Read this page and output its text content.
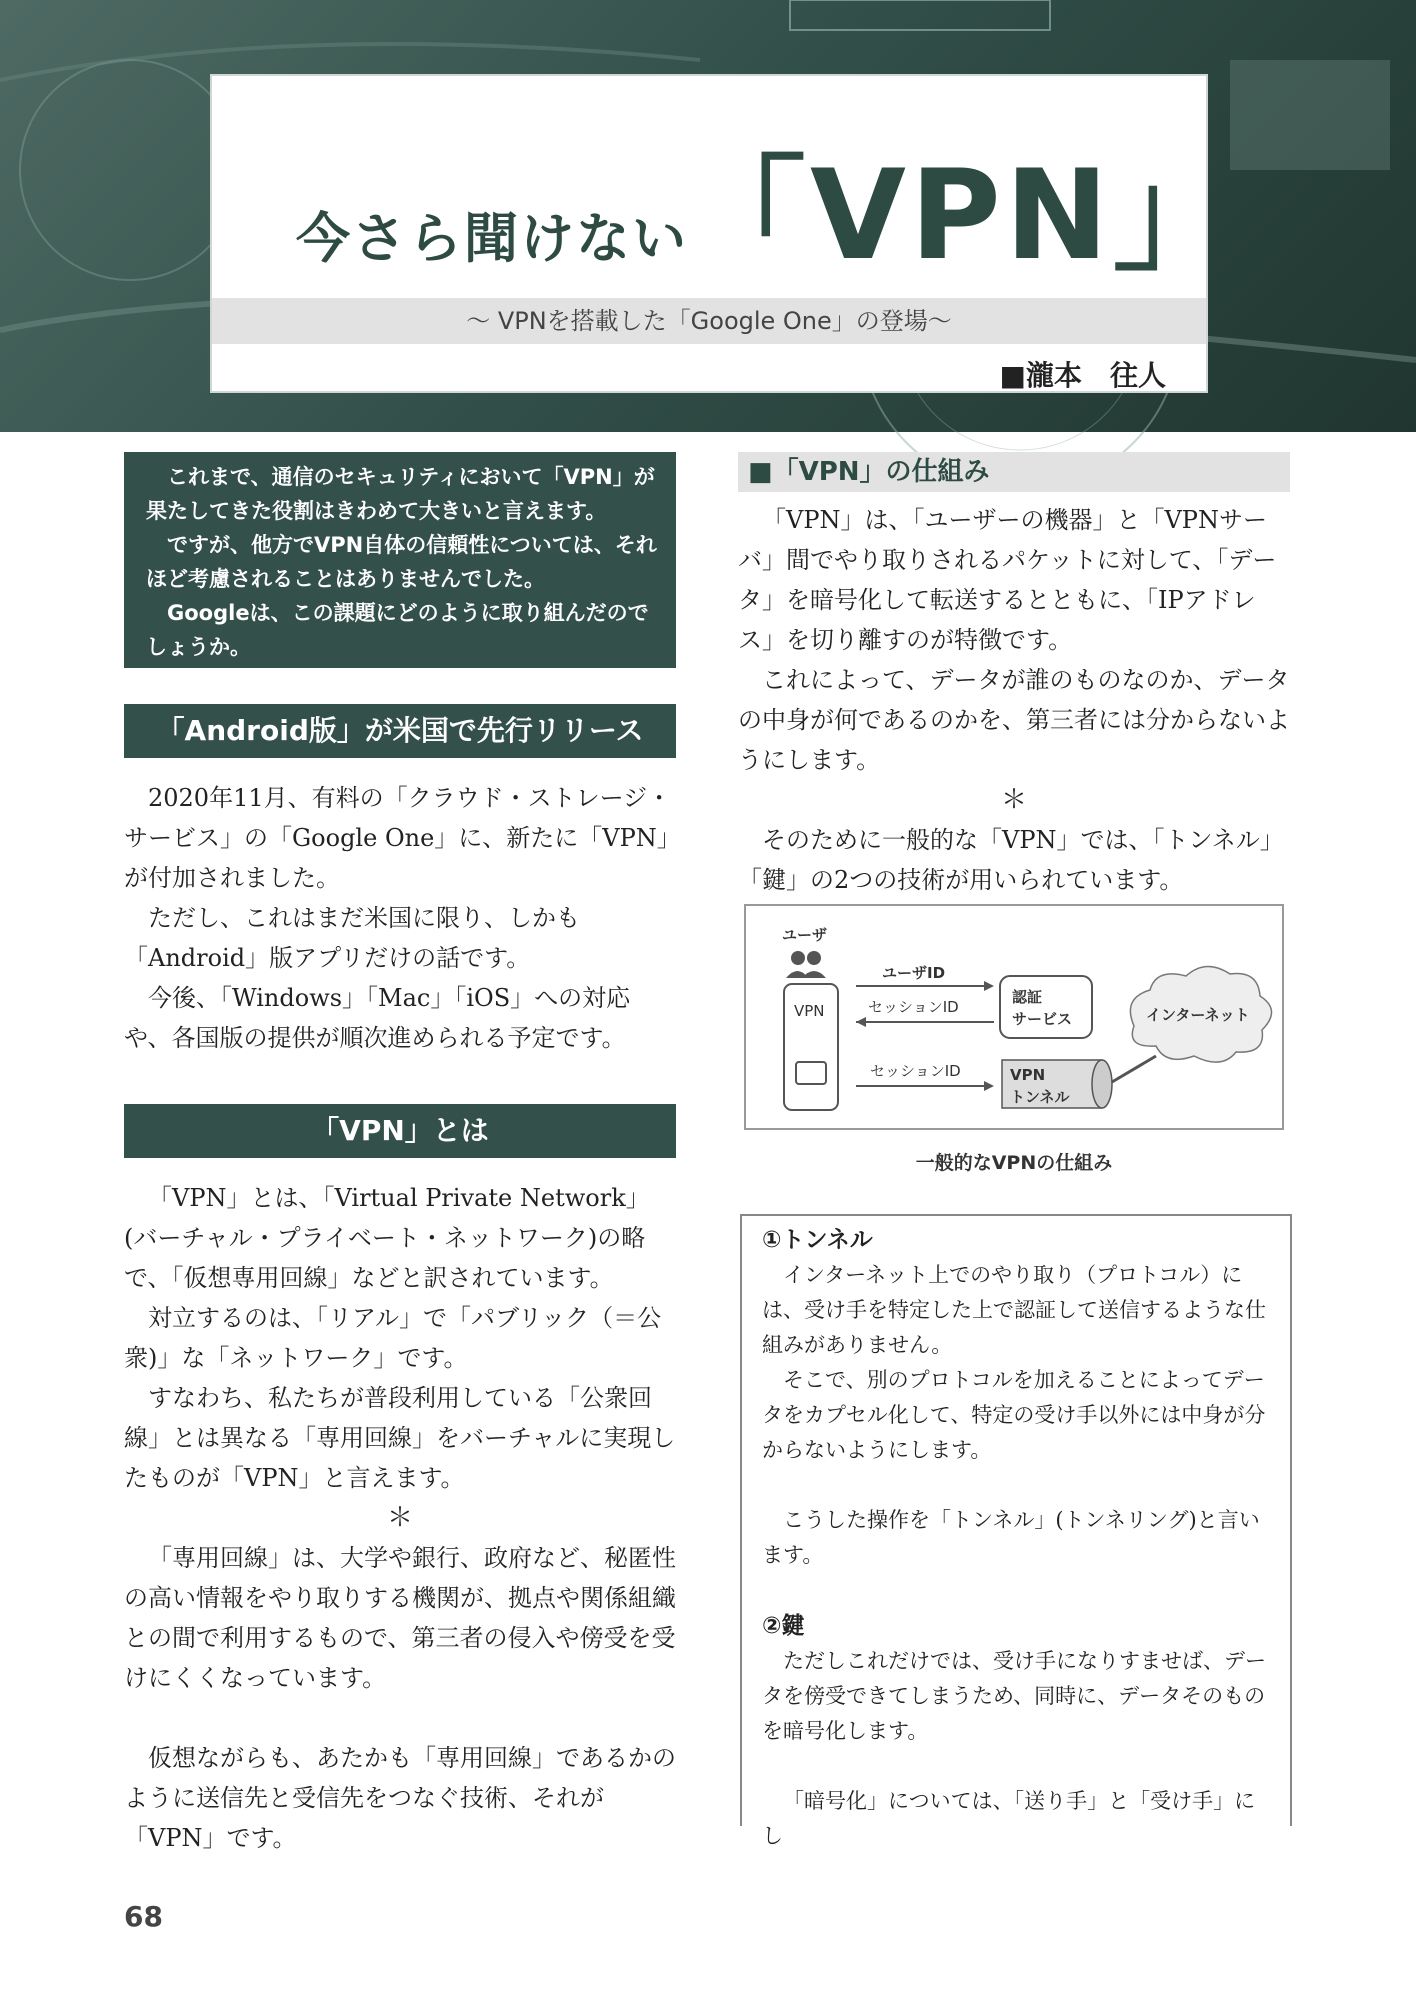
今さら聞けない
「VPN」
～ VPNを搭載した「Google One」の登場～
■瀧本　往人

これまで、通信のセキュリティにおいて「VPN」が果たしてきた役割はきわめて大きいと言えます。

ですが、他方でVPN自体の信頼性については、それほど考慮されることはありませんでした。

Googleは、この課題にどのように取り組んだのでしょうか。

「Android版」が米国で先行リリース

2020年11月、有料の「クラウド・ストレージ・サービス」の「Google One」に、新たに「VPN」が付加されました。

ただし、これはまだ米国に限り、しかも「Android」版アプリだけの話です。

今後、「Windows」「Mac」「iOS」への対応や、各国版の提供が順次進められる予定です。

「VPN」とは

「VPN」とは、「Virtual Private Network」(バーチャル・プライベート・ネットワーク)の略で、「仮想専用回線」などと訳されています。

対立するのは、「リアル」で「パブリック（＝公衆)」な「ネットワーク」です。

すなわち、私たちが普段利用している「公衆回線」とは異なる「専用回線」をバーチャルに実現したものが「VPN」と言えます。

＊

「専用回線」は、大学や銀行、政府など、秘匿性の高い情報をやり取りする機関が、拠点や関係組織との間で利用するもので、第三者の侵入や傍受を受けにくくなっています。

仮想ながらも、あたかも「専用回線」であるかのように送信先と受信先をつなぐ技術、それが「VPN」です。

■「VPN」の仕組み

「VPN」は、「ユーザーの機器」と「VPNサーバ」間でやり取りされるパケットに対して、「データ」を暗号化して転送するとともに、「IPアドレス」を切り離すのが特徴です。

これによって、データが誰のものなのか、データの中身が何であるのかを、第三者には分からないようにします。

＊

そのために一般的な「VPN」では、「トンネル」「鍵」の2つの技術が用いられています。

ユーザ
VPN
ユーザID
セッションID
セッションID
認証
サービス
VPN
トンネル
インターネット
一般的なVPNの仕組み
①トンネル

インターネット上でのやり取り（プロトコル）には、受け手を特定した上で認証して送信するような仕組みがありません。

そこで、別のプロトコルを加えることによってデータをカプセル化して、特定の受け手以外には中身が分からないようにします。

こうした操作を「トンネル」(トンネリング)と言います。

②鍵

ただしこれだけでは、受け手になりすませば、データを傍受できてしまうため、同時に、データそのものを暗号化します。

「暗号化」については、「送り手」と「受け手」にし

68
